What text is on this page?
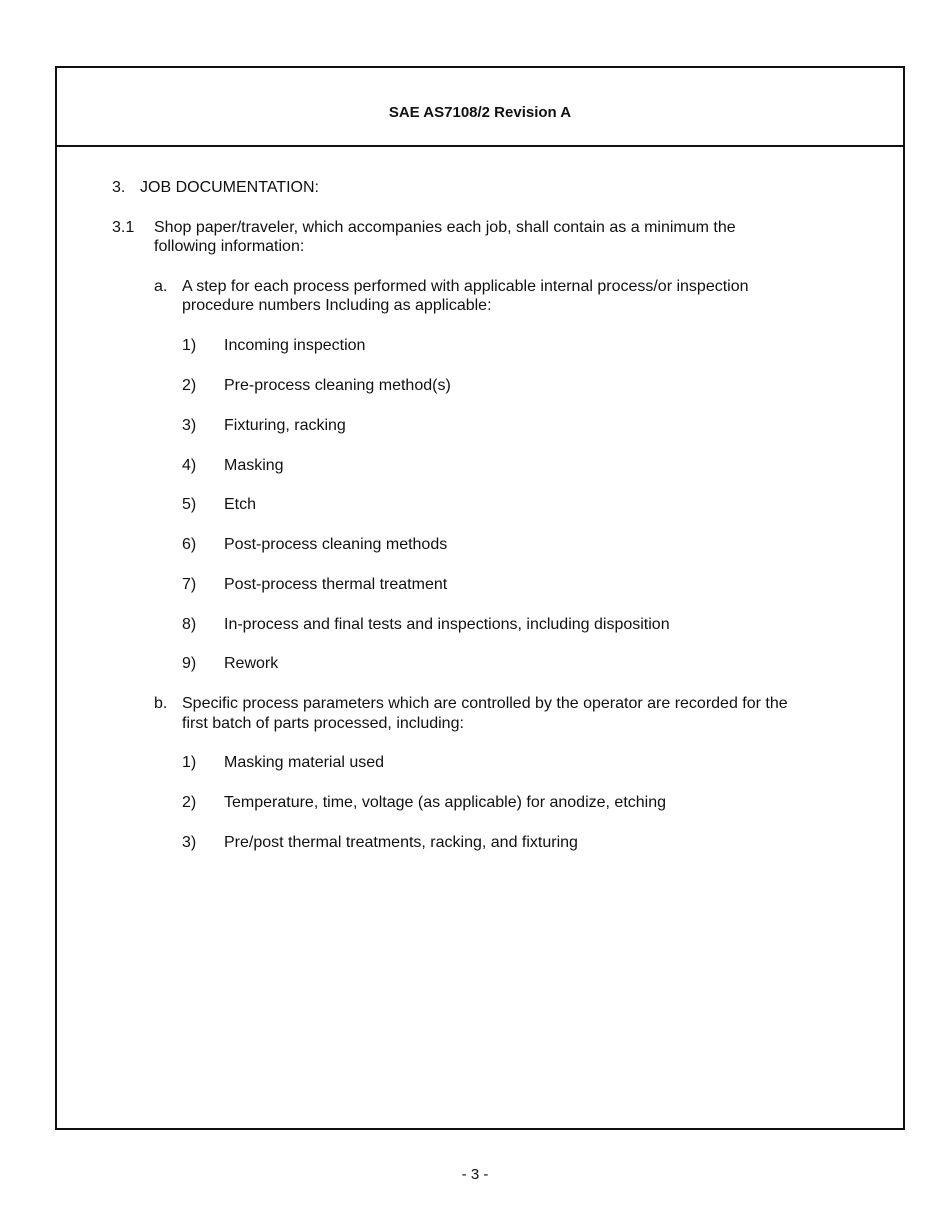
SAE AS7108/2 Revision A
3. JOB DOCUMENTATION:
3.1 Shop paper/traveler, which accompanies each job, shall contain as a minimum the
following information:
a. A step for each process performed with applicable internal process/or inspection
procedure numbers Including as applicable:
1) Incoming inspection
2) Pre-process cleaning method(s)
3) Fixturing, racking
4) Masking
5) Etch
6) Post-process cleaning methods
7) Post-process thermal treatment
8) In-process and final tests and inspections, including disposition
9) Rework
b. Specific process parameters which are controlled by the operator are recorded for the
first batch of parts processed, including:
1) Masking material used
2) Temperature, time, voltage (as applicable) for anodize, etching
3) Pre/post thermal treatments, racking, and fixturing
- 3 -
